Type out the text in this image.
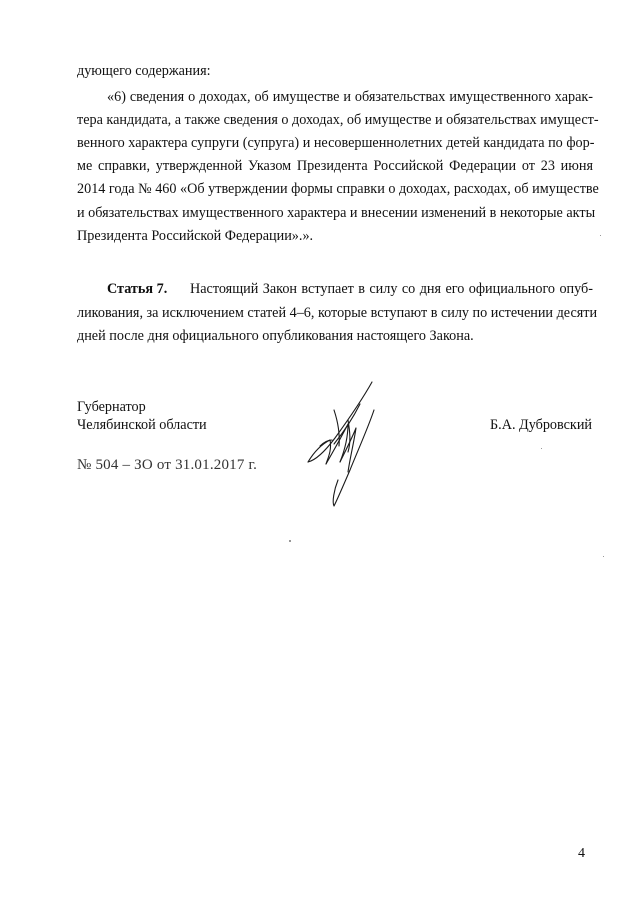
дующего содержания:
«6) сведения о доходах, об имуществе и обязательствах имущественного харак-
тера кандидата, а также сведения о доходах, об имуществе и обязательствах имущест-
венного характера супруги (супруга) и несовершеннолетних детей кандидата по фор-
ме справки, утвержденной Указом Президента Российской Федерации от 23 июня
2014 года № 460 «Об утверждении формы справки о доходах, расходах, об имуществе
и обязательствах имущественного характера и внесении изменений в некоторые акты
Президента Российской Федерации».».
Статья 7. Настоящий Закон вступает в силу со дня его официального опуб-
ликования, за исключением статей 4–6, которые вступают в силу по истечении десяти
дней после дня официального опубликования настоящего Закона.
Губернатор
Челябинской области	Б.А. Дубровский
№ 504 – ЗО от 31.01.2017 г.
4
